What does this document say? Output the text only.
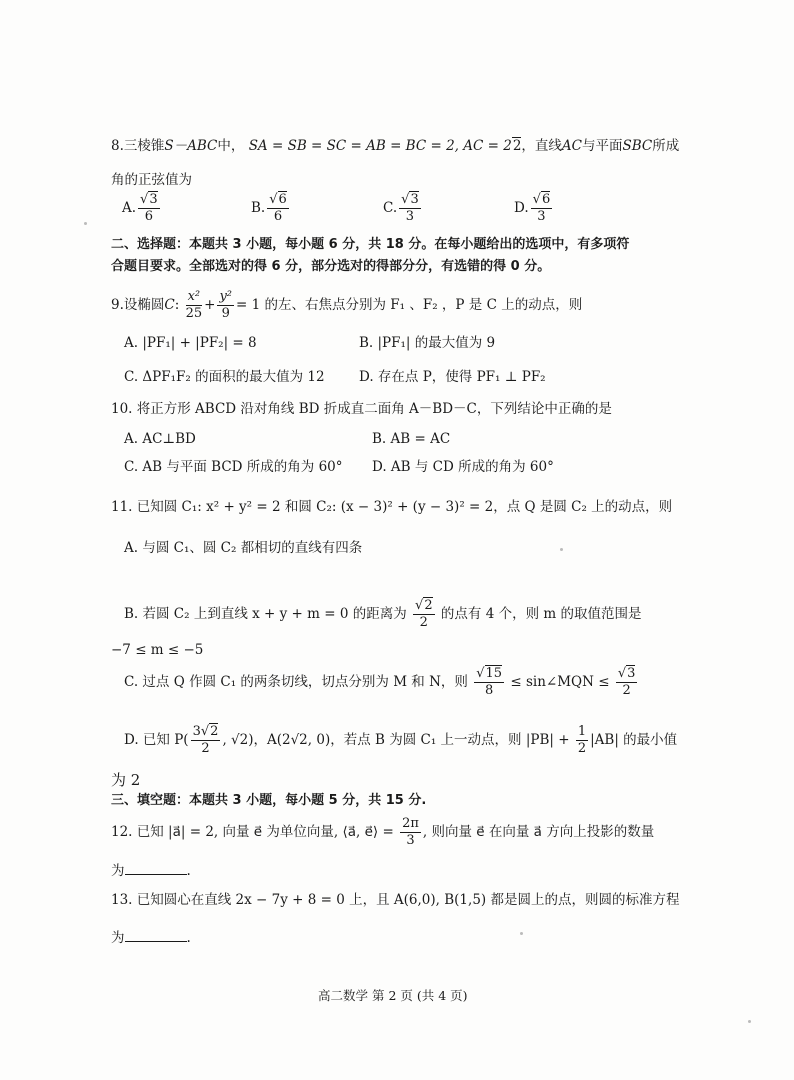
8.三棱锥S－ABC中， SA = SB = SC = AB = BC = 2, AC = 22，直线AC与平面SBC所成
角的正弦值为
A. $\frac{√3}{6}$	B. $\frac{√6}{6}$	C. $\frac{√3}{3}$	D. $\frac{√6}{3}$
二、选择题：本题共 3 小题，每小题 6 分，共 18 分。在每小题给出的选项中，有多项符
合题目要求。全部选对的得 6 分，部分选对的得部分分，有选错的得 0 分。
9.设椭圆C: $\frac{\text{x²}}{25} + \frac{\text{y²}}{9} = 1$ 的左、右焦点分别为 F₁ 、F₂ ，P 是 C 上的动点，则
A. |PF₁| + |PF₂| = 8	B. |PF₁| 的最大值为 9
C. ΔPF₁F₂ 的面积的最大值为 12	D. 存在点 P，使得 PF₁ ⊥ PF₂
10. 将正方形 ABCD 沿对角线 BD 折成直二面角 A－BD－C，下列结论中正确的是
A. AC⊥BD	B. AB = AC
C. AB 与平面 BCD 所成的角为 60° D. AB 与 CD 所成的角为 60°
11. 已知圆 C₁: x² + y² = 2 和圆 C₂: (x − 3)² + (y − 3)² = 2，点 Q 是圆 C₂ 上的动点，则
A. 与圆 C₁、圆 C₂ 都相切的直线有四条
B. 若圆 C₂ 上到直线 x + y + m = 0 的距离为 $\frac{√2}{2}$ 的点有 4 个，则 m 的取值范围是
−7 ≤ m ≤ −5
C. 过点 Q 作圆 C₁ 的两条切线，切点分别为 M 和 N，则 $\frac{√15}{8}$ ≤ sin∠MQN ≤ $\frac{√3}{2}$
D. 已知 $P( \frac{3√2}{2}$ , √2)，A(2√2, 0)，若点 B 为圆 C₁ 上一动点，则 $|PB| + \frac{1}{2} |AB|$ 的最小值
为 2
三、填空题：本题共 3 小题，每小题 5 分，共 15 分.
12. 已知 |a⃗| = 2, 向量 e⃗ 为单位向量, ⟨a⃗, e⃗⟩ = $\frac{2\pi}{3}$ , 则向量 e⃗ 在向量 a⃗ 方向上投影的数量
为	.
13. 已知圆心在直线 2x − 7y + 8 = 0 上，且 A(6,0), B(1,5) 都是圆上的点，则圆的标准方程
为	.
高二数学 第 2 页 (共 4 页)
